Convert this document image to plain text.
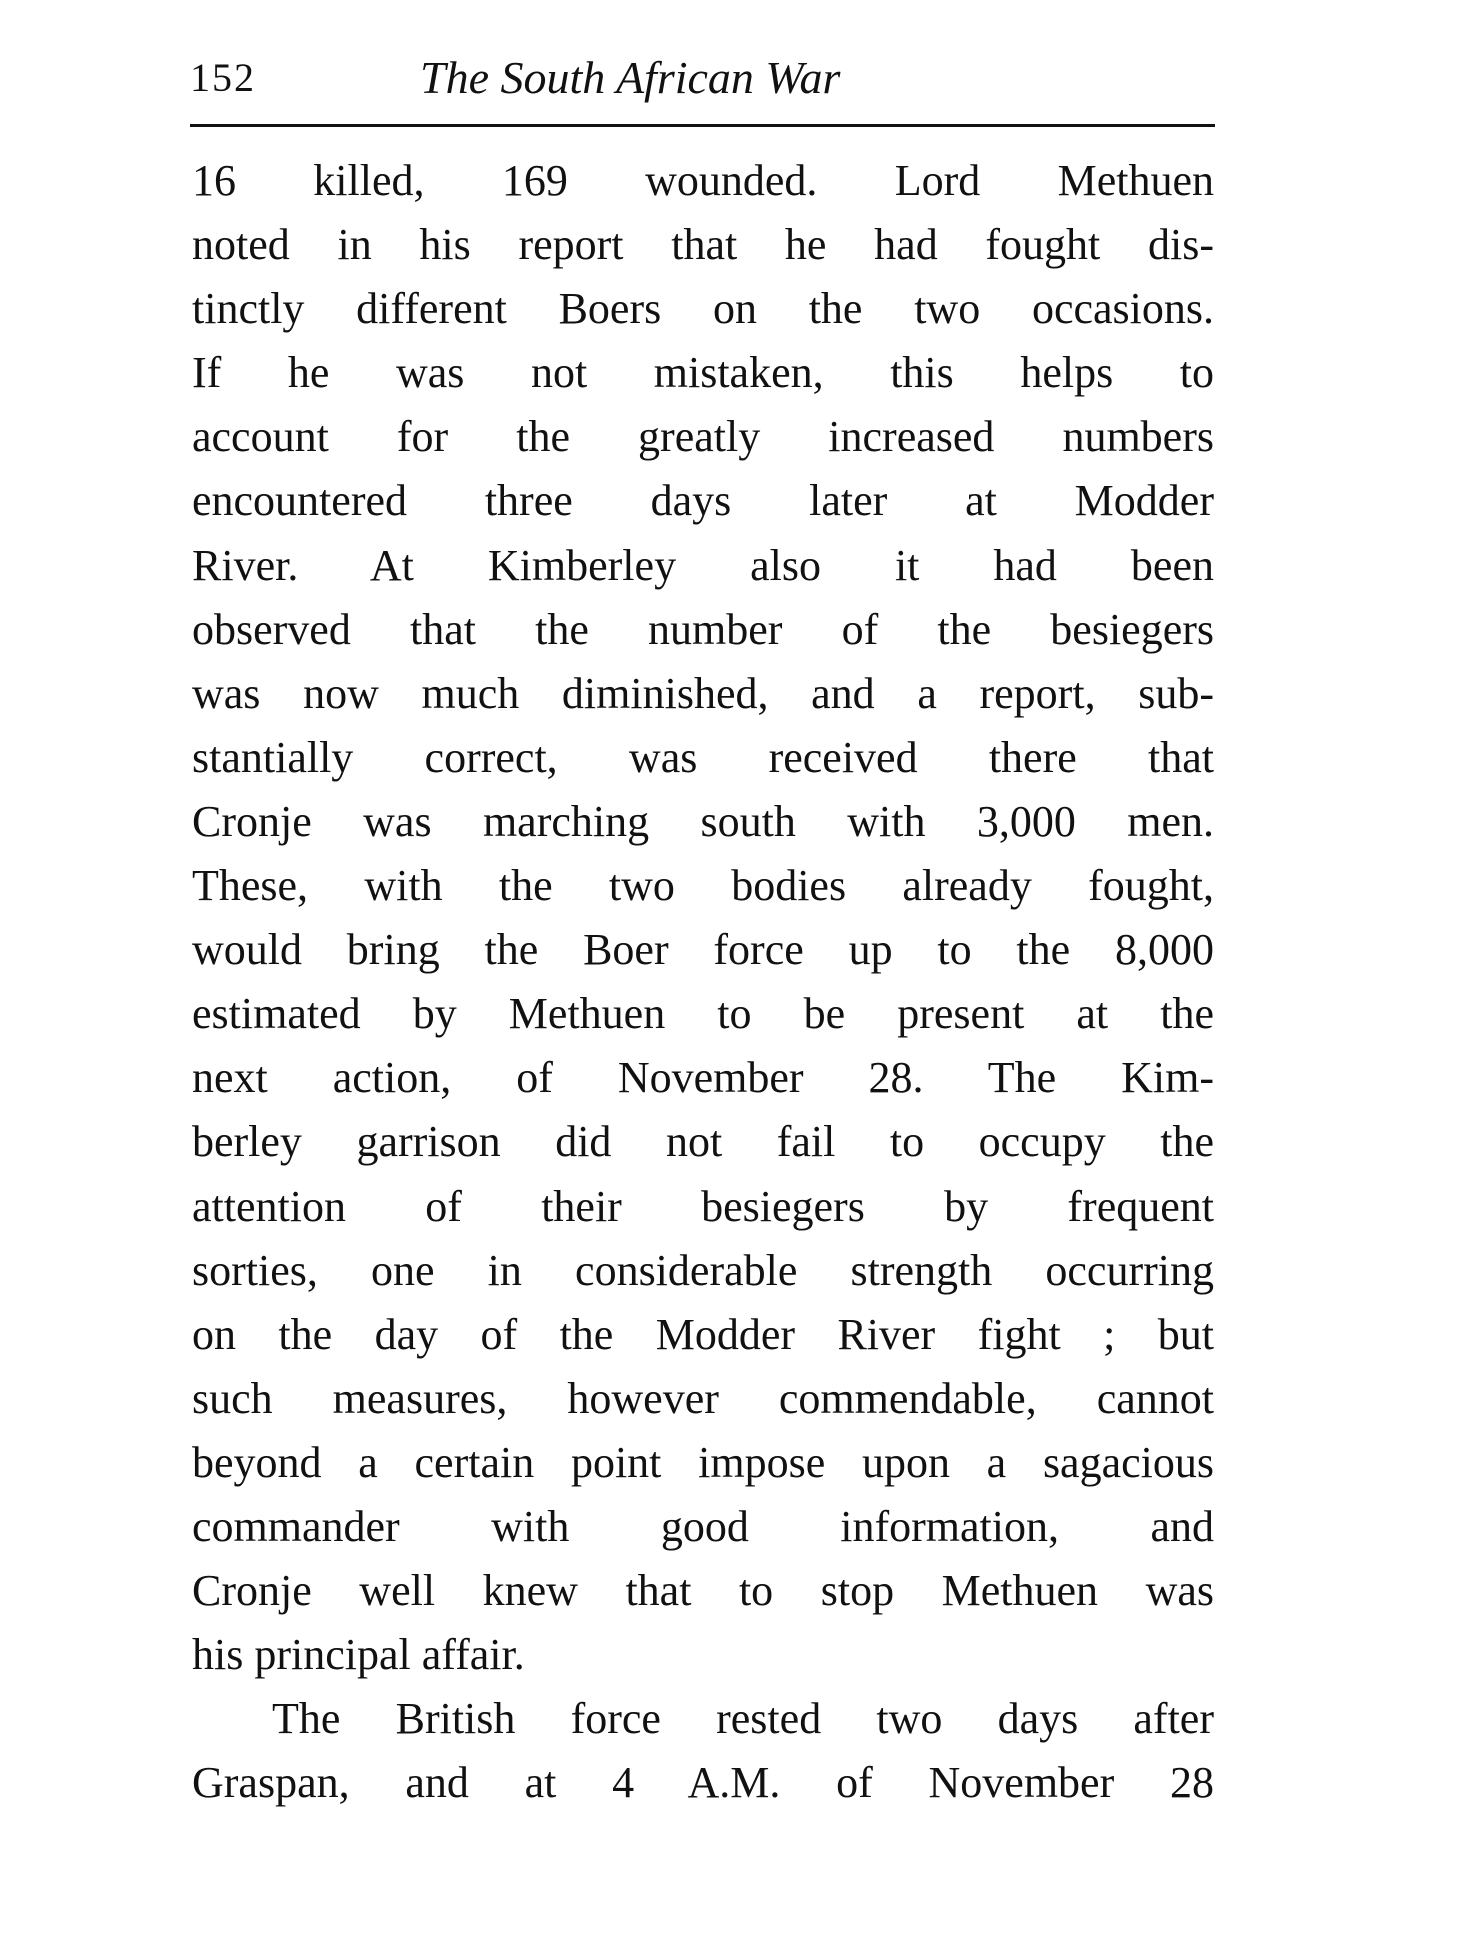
152	The South African War
16 killed, 169 wounded. Lord Methuen
noted in his report that he had fought dis-
tinctly different Boers on the two occasions.
If he was not mistaken, this helps to
account for the greatly increased numbers
encountered three days later at Modder
River. At Kimberley also it had been
observed that the number of the besiegers
was now much diminished, and a report, sub-
stantially correct, was received there that
Cronje was marching south with 3,000 men.
These, with the two bodies already fought,
would bring the Boer force up to the 8,000
estimated by Methuen to be present at the
next action, of November 28. The Kim-
berley garrison did not fail to occupy the
attention of their besiegers by frequent
sorties, one in considerable strength occurring
on the day of the Modder River fight ; but
such measures, however commendable, cannot
beyond a certain point impose upon a sagacious
commander with good information, and
Cronje well knew that to stop Methuen was
his principal affair.
The British force rested two days after
Graspan, and at 4 A.M. of November 28
